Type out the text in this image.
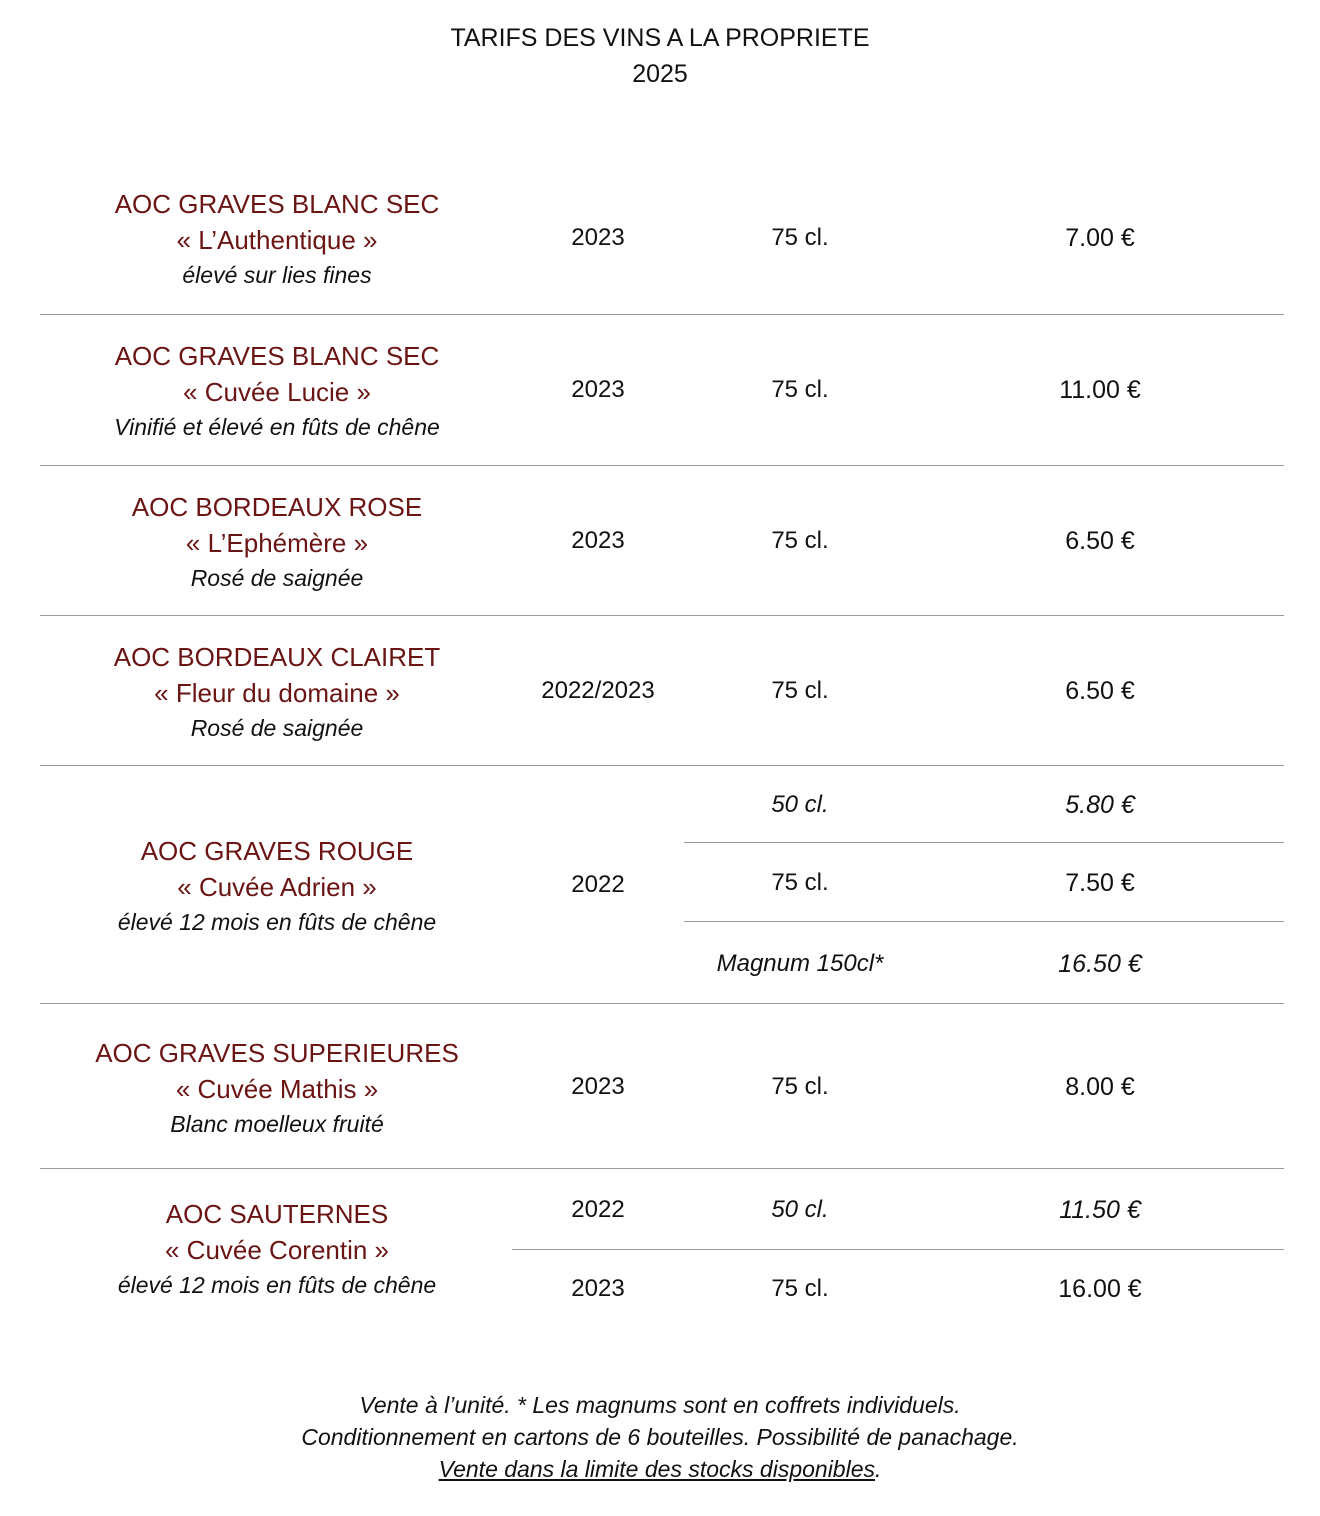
TARIFS DES VINS A LA PROPRIETE
2025
AOC GRAVES BLANC SEC
« L’Authentique »
élevé sur lies fines
2023	75 cl.	7.00 €
AOC GRAVES BLANC SEC
« Cuvée Lucie »
Vinifié et élevé en fûts de chêne
2023	75 cl.	11.00 €
AOC BORDEAUX ROSE
« L’Ephémère »
Rosé de saignée
2023	75 cl.	6.50 €
AOC BORDEAUX CLAIRET
« Fleur du domaine »
Rosé de saignée
2022/2023	75 cl.	6.50 €
AOC GRAVES ROUGE
« Cuvée Adrien »
élevé 12 mois en fûts de chêne
2022
50 cl.	5.80 €
75 cl.	7.50 €
Magnum 150cl*	16.50 €
AOC GRAVES SUPERIEURES
« Cuvée Mathis »
Blanc moelleux fruité
2023	75 cl.	8.00 €
AOC SAUTERNES
« Cuvée Corentin »
élevé 12 mois en fûts de chêne
2022	50 cl.	11.50 €
2023	75 cl.	16.00 €
Vente à l’unité. * Les magnums sont en coffrets individuels.
Conditionnement en cartons de 6 bouteilles. Possibilité de panachage.
Vente dans la limite des stocks disponibles.
